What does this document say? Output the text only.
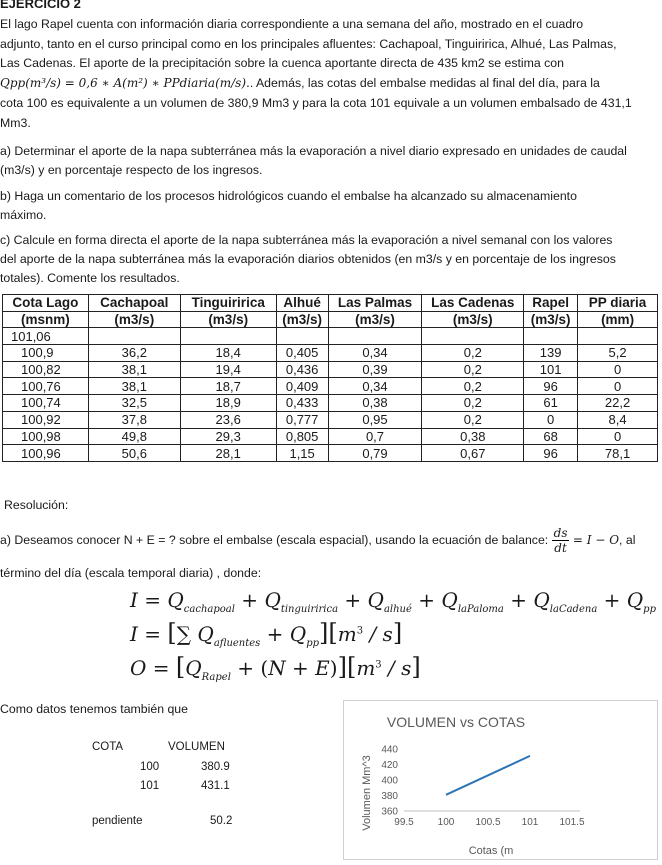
EJERCICIO 2

El lago Rapel cuenta con información diaria correspondiente a una semana del año, mostrado en el cuadro

adjunto, tanto en el curso principal como en los principales afluentes: Cachapoal, Tinguiririca, Alhué, Las Palmas,

Las Cadenas. El aporte de la precipitación sobre la cuenca aportante directa de 435 km2 se estima con

Qpp(m³/s) = 0,6 ∗ A(m²) ∗ PPdiaria(m/s).. Además, las cotas del embalse medidas al final del día, para la

cota 100 es equivalente a un volumen de 380,9 Mm3 y para la cota 101 equivale a un volumen embalsado de 431,1

Mm3.

a) Determinar el aporte de la napa subterránea más la evaporación a nivel diario expresado en unidades de caudal

(m3/s) y en porcentaje respecto de los ingresos.

b) Haga un comentario de los procesos hidrológicos cuando el embalse ha alcanzado su almacenamiento

máximo.

c) Calcule en forma directa el aporte de la napa subterránea más la evaporación a nivel semanal con los valores

del aporte de la napa subterránea más la evaporación diarios obtenidos (en m3/s y en porcentaje de los ingresos

totales). Comente los resultados.

Cota Lago	Cachapoal	Tinguiririca	Alhué	Las Palmas	Las Cadenas	Rapel	PP diaria
(msnm)	(m3/s)	(m3/s)	(m3/s)	(m3/s)	(m3/s)	(m3/s)	(mm)
101,06							
100,9	36,2	18,4	0,405	0,34	0,2	139	5,2
100,82	38,1	19,4	0,436	0,39	0,2	101	0
100,76	38,1	18,7	0,409	0,34	0,2	96	0
100,74	32,5	18,9	0,433	0,38	0,2	61	22,2
100,92	37,8	23,6	0,777	0,95	0,2	0	8,4
100,98	49,8	29,3	0,805	0,7	0,38	68	0
100,96	50,6	28,1	1,15	0,79	0,67	96	78,1

Resolución:

a) Deseamos conocer N + E = ? sobre el embalse (escala espacial), usando la ecuación de balance: $\frac{ds}{dt} = I - O$, al

término del día (escala temporal diaria) , donde:

$I = Q_{cachapoal} + Q_{tinguiririca} + Q_{alhué} + Q_{laPaloma} + Q_{laCadena} + Q_{pp}$
I = [∑ $Q_{afluentes} + Q_{pp}][m^3 / s]$
$O = [Q_{Rapel} + (N + E)][m^3 / s]$

Como datos tenemos también que

COTA	VOLUMEN
100	380.9
101	431.1
pendiente	50.2
VOLUMEN vs COTAS
Volumen Mm^3
Cotas (m
99.5 100 100.5 101 101.5
360
380
400
420
440
